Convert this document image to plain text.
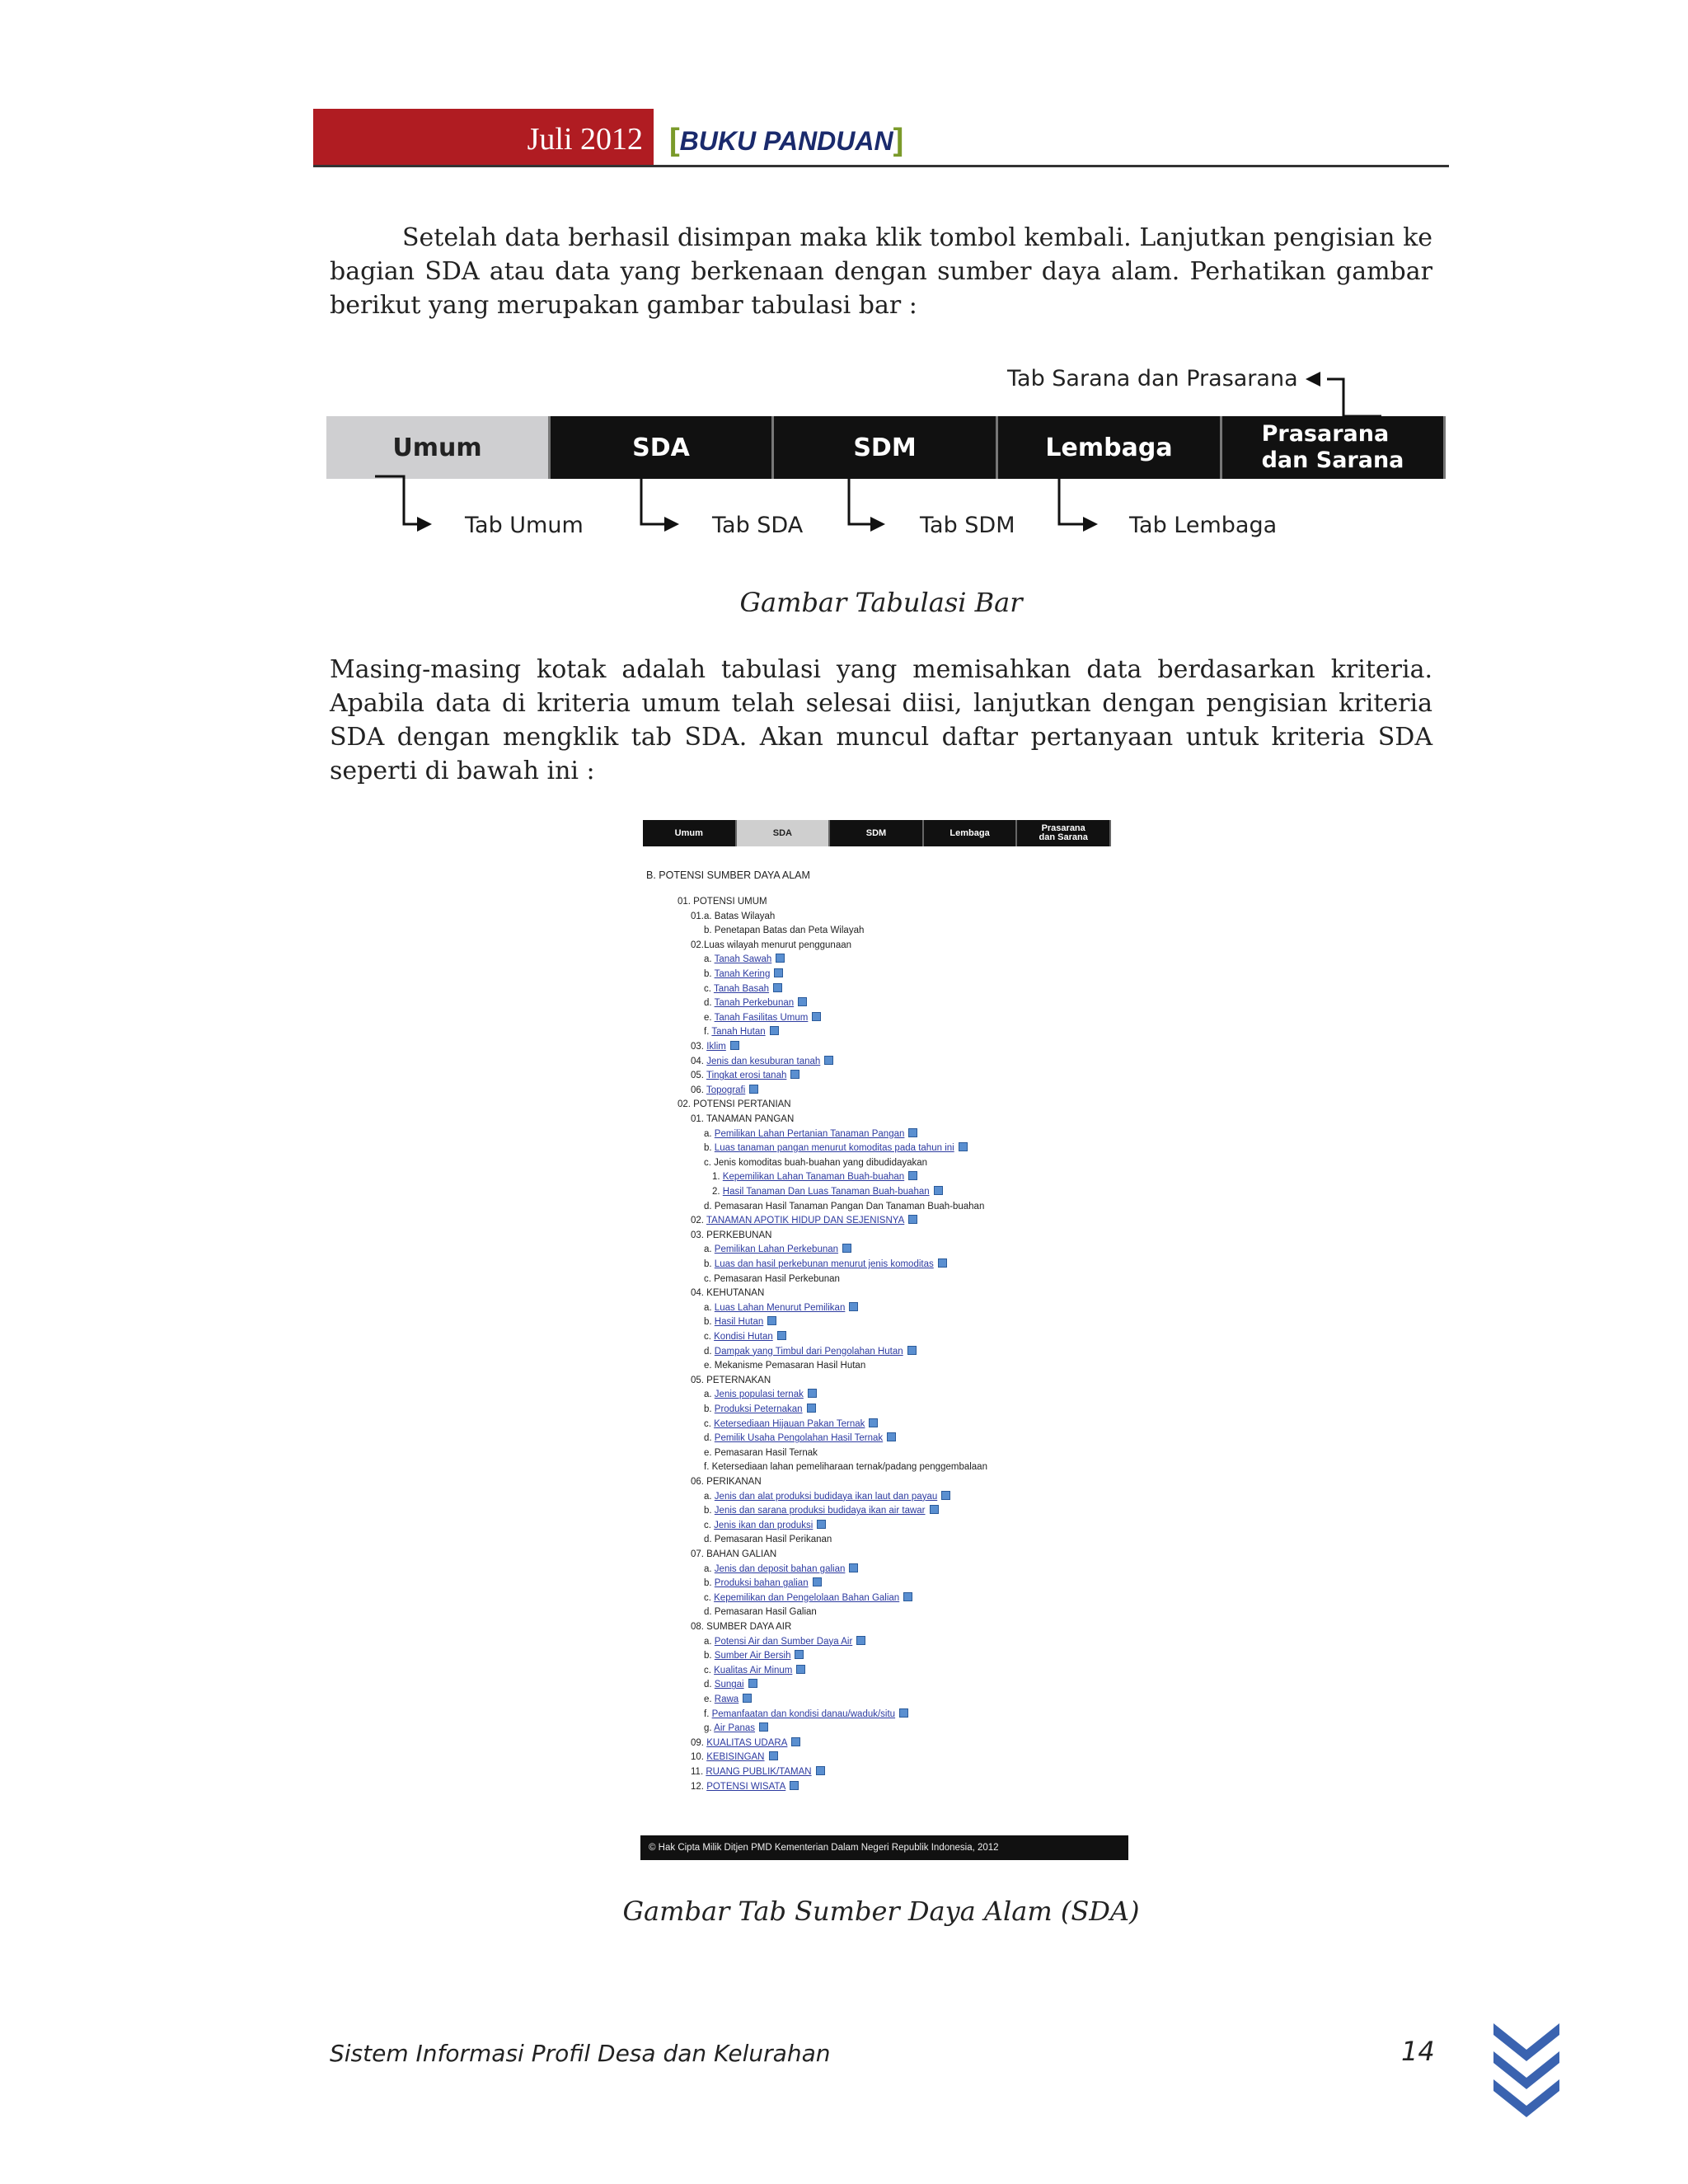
Juli 2012 [BUKU PANDUAN]
Setelah data berhasil disimpan maka klik tombol kembali. Lanjutkan pengisian ke bagian SDA atau data yang berkenaan dengan sumber daya alam. Perhatikan gambar berikut yang merupakan gambar tabulasi bar :
Umum	SDA	SDM	Lembaga	Prasarana
dan Sarana
Tab Umum	Tab SDA	Tab SDM	Tab Lembaga
Tab Sarana dan Prasarana
Gambar Tabulasi Bar
Masing-masing kotak adalah tabulasi yang memisahkan data berdasarkan kriteria. Apabila data di kriteria umum telah selesai diisi, lanjutkan dengan pengisian kriteria SDA dengan mengklik tab SDA. Akan muncul daftar pertanyaan untuk kriteria SDA seperti di bawah ini :
Umum	SDA	SDM	Lembaga	Prasarana
dan Sarana
B. POTENSI SUMBER DAYA ALAM
01. POTENSI UMUM
01.a. Batas Wilayah
b. Penetapan Batas dan Peta Wilayah
02.Luas wilayah menurut penggunaan
a. Tanah Sawah
b. Tanah Kering
c. Tanah Basah
d. Tanah Perkebunan
e. Tanah Fasilitas Umum
f. Tanah Hutan
03. Iklim
04. Jenis dan kesuburan tanah
05. Tingkat erosi tanah
06. Topografi
02. POTENSI PERTANIAN
01. TANAMAN PANGAN
a. Pemilikan Lahan Pertanian Tanaman Pangan
b. Luas tanaman pangan menurut komoditas pada tahun ini
c. Jenis komoditas buah-buahan yang dibudidayakan
1. Kepemilikan Lahan Tanaman Buah-buahan
2. Hasil Tanaman Dan Luas Tanaman Buah-buahan
d. Pemasaran Hasil Tanaman Pangan Dan Tanaman Buah-buahan
02. TANAMAN APOTIK HIDUP DAN SEJENISNYA
03. PERKEBUNAN
a. Pemilikan Lahan Perkebunan
b. Luas dan hasil perkebunan menurut jenis komoditas
c. Pemasaran Hasil Perkebunan
04. KEHUTANAN
a. Luas Lahan Menurut Pemilikan
b. Hasil Hutan
c. Kondisi Hutan
d. Dampak yang Timbul dari Pengolahan Hutan
e. Mekanisme Pemasaran Hasil Hutan
05. PETERNAKAN
a. Jenis populasi ternak
b. Produksi Peternakan
c. Ketersediaan Hijauan Pakan Ternak
d. Pemilik Usaha Pengolahan Hasil Ternak
e. Pemasaran Hasil Ternak
f. Ketersediaan lahan pemeliharaan ternak/padang penggembalaan
06. PERIKANAN
a. Jenis dan alat produksi budidaya ikan laut dan payau
b. Jenis dan sarana produksi budidaya ikan air tawar
c. Jenis ikan dan produksi
d. Pemasaran Hasil Perikanan
07. BAHAN GALIAN
a. Jenis dan deposit bahan galian
b. Produksi bahan galian
c. Kepemilikan dan Pengelolaan Bahan Galian
d. Pemasaran Hasil Galian
08. SUMBER DAYA AIR
a. Potensi Air dan Sumber Daya Air
b. Sumber Air Bersih
c. Kualitas Air Minum
d. Sungai
e. Rawa
f. Pemanfaatan dan kondisi danau/waduk/situ
g. Air Panas
09. KUALITAS UDARA
10. KEBISINGAN
11. RUANG PUBLIK/TAMAN
12. POTENSI WISATA
© Hak Cipta Milik Ditjen PMD Kementerian Dalam Negeri Republik Indonesia, 2012
Gambar Tab Sumber Daya Alam (SDA)
Sistem Informasi Profil Desa dan Kelurahan	14
